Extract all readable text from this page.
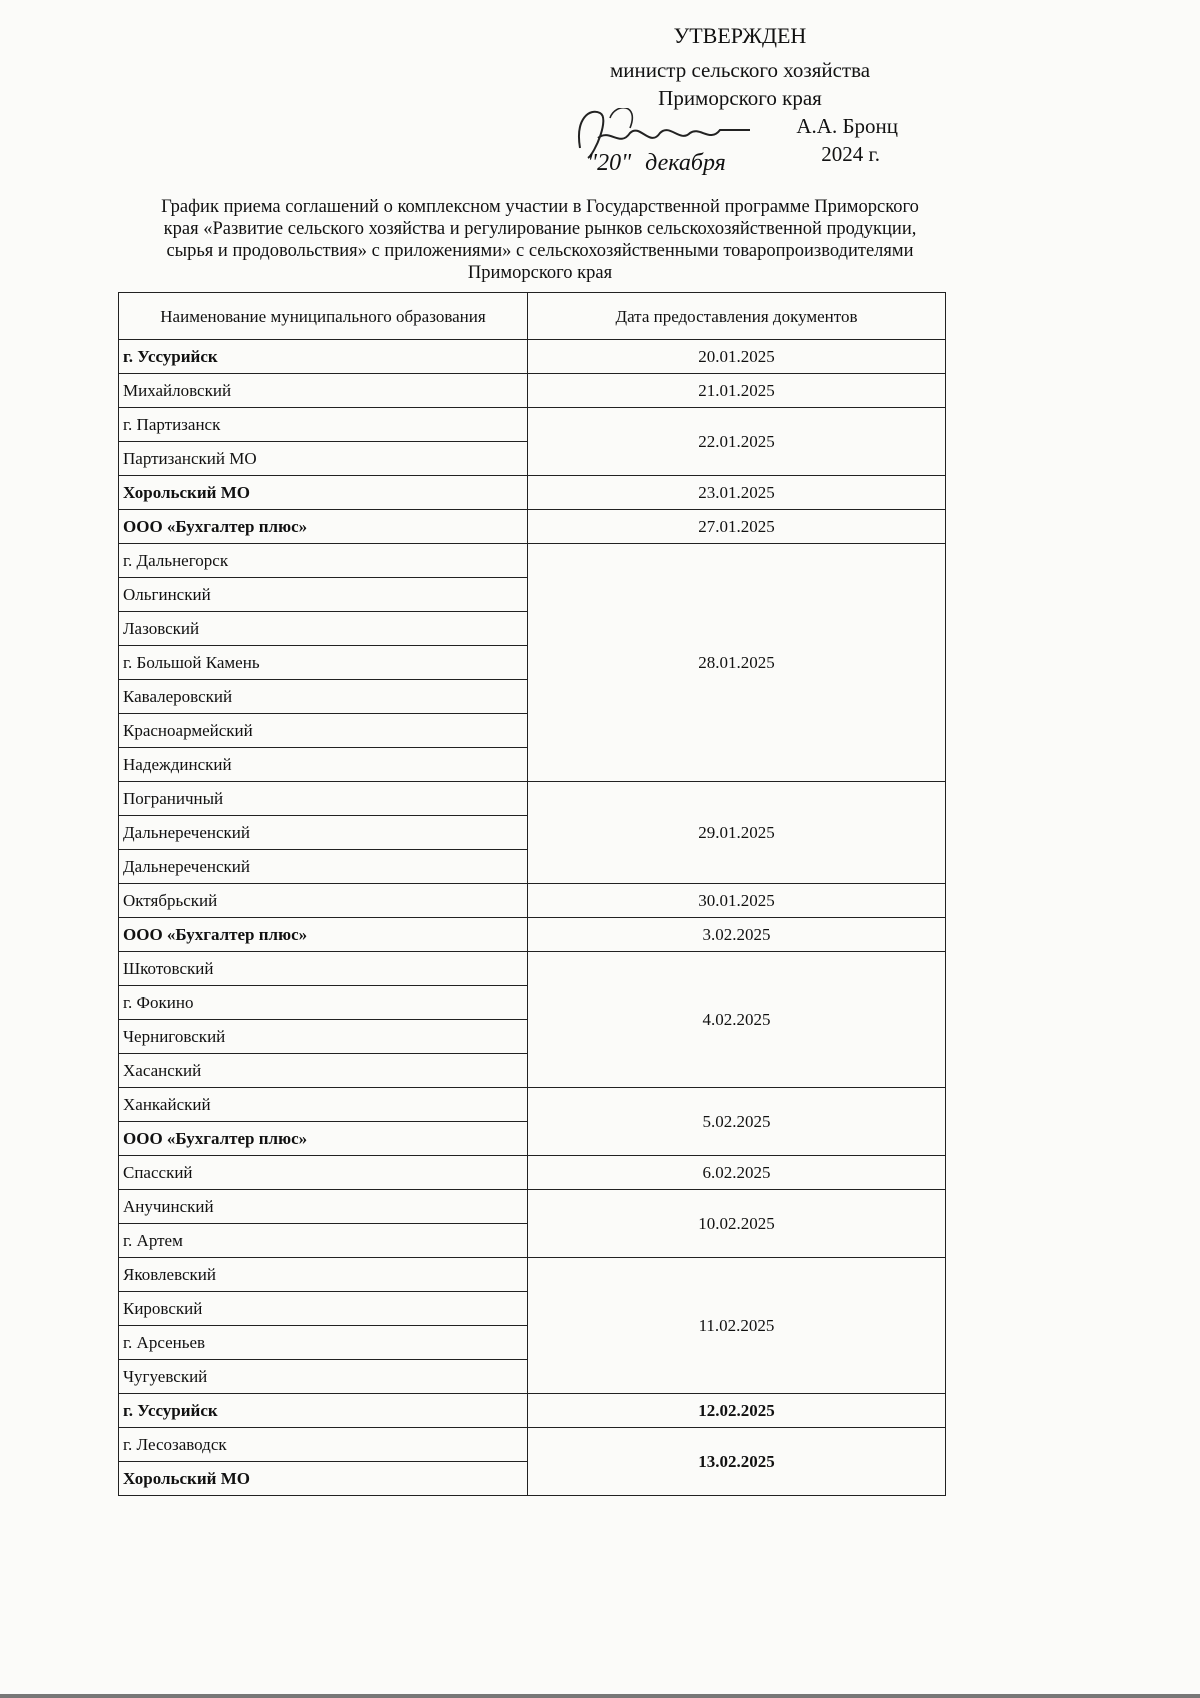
УТВЕРЖДЕН
министр сельского хозяйства
Приморского края
А.А. Бронц
2024 г.
"20" декабря
График приема соглашений о комплексном участии в Государственной программе Приморского края «Развитие сельского хозяйства и регулирование рынков сельскохозяйственной продукции, сырья и продовольствия» с приложениями» с сельскохозяйственными товаропроизводителями Приморского края
Наименование муниципального образования	Дата предоставления документов
г. Уссурийск	20.01.2025
Михайловский	21.01.2025
г. Партизанск	22.01.2025
Партизанский МО	
Хорольский МО	23.01.2025
ООО «Бухгалтер плюс»	27.01.2025
г. Дальнегорск	28.01.2025
Ольгинский	
Лазовский	
г. Большой Камень	
Кавалеровский	
Красноармейский	
Надеждинский	
Пограничный	29.01.2025
Дальнереченский	
Дальнереченский	
Октябрьский	30.01.2025
ООО «Бухгалтер плюс»	3.02.2025
Шкотовский	4.02.2025
г. Фокино	
Черниговский	
Хасанский	
Ханкайский	5.02.2025
ООО «Бухгалтер плюс»	
Спасский	6.02.2025
Анучинский	10.02.2025
г. Артем	
Яковлевский	11.02.2025
Кировский	
г. Арсеньев	
Чугуевский	
г. Уссурийск	12.02.2025
г. Лесозаводск	13.02.2025
Хорольский МО	
